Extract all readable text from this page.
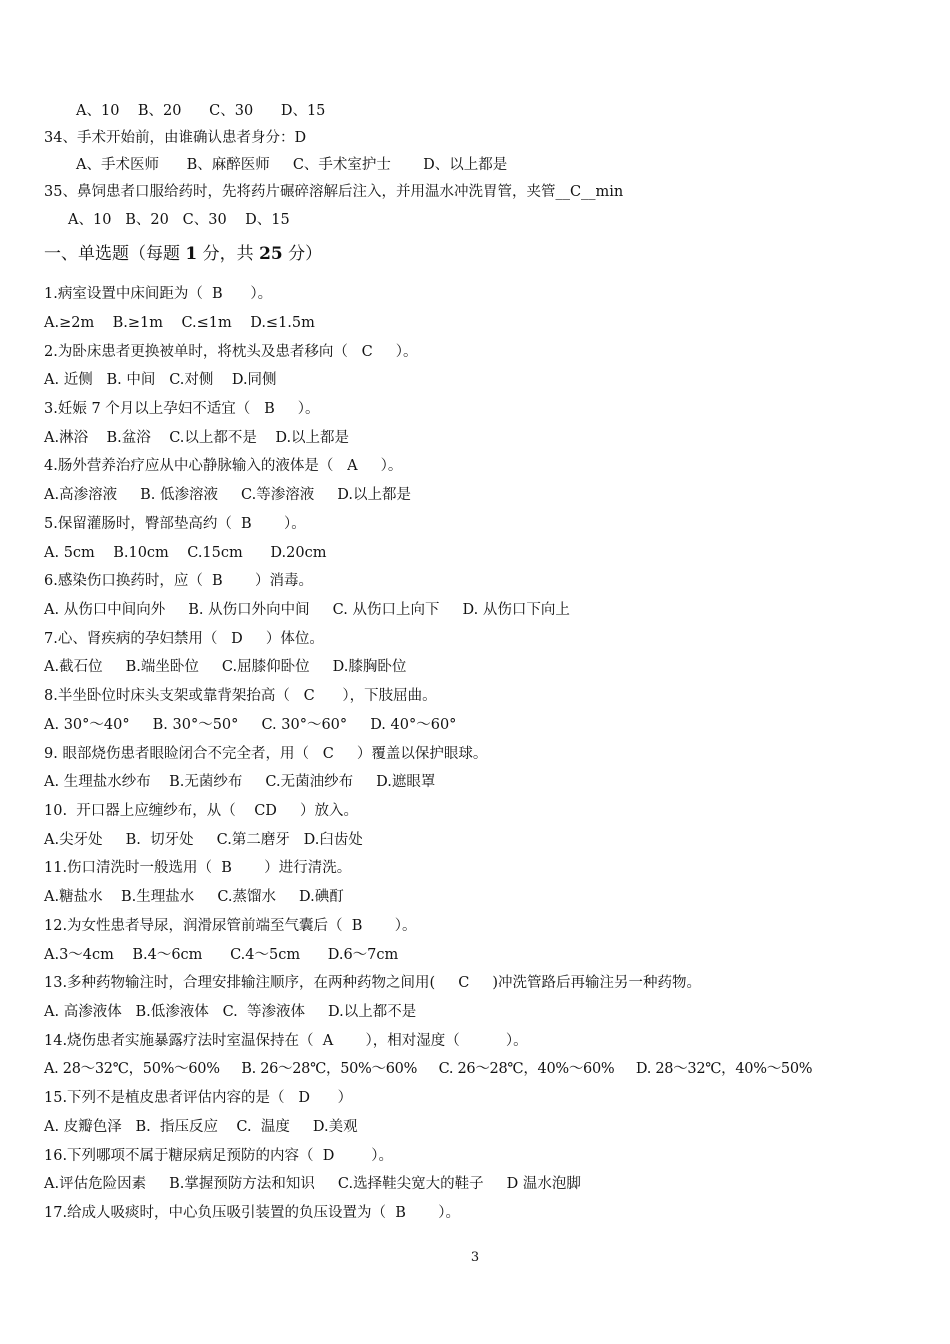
A、10    B、20      C、30      D、15
34、手术开始前，由谁确认患者身分：D
A、手术医师      B、麻醉医师     C、手术室护士       D、以上都是
35、鼻饲患者口服给药时，先将药片碾碎溶解后注入，并用温水冲洗胃管，夹管__C__min
A、10   B、20   C、30    D、15
一、单选题（每题 1 分，共 25 分）
1.病室设置中床间距为（  B      ）。
A.≥2m    B.≥1m    C.≤1m    D.≤1.5m
2.为卧床患者更换被单时，将枕头及患者移向（   C     ）。
A. 近侧   B. 中间   C.对侧    D.同侧
3.妊娠 7 个月以上孕妇不适宜（   B     ）。
A.淋浴    B.盆浴    C.以上都不是    D.以上都是
4.肠外营养治疗应从中心静脉输入的液体是（   A     ）。
A.高渗溶液     B. 低渗溶液     C.等渗溶液     D.以上都是
5.保留灌肠时，臀部垫高约（  B       ）。
A. 5cm    B.10cm    C.15cm      D.20cm
6.感染伤口换药时，应（  B       ）消毒。
A. 从伤口中间向外     B. 从伤口外向中间     C. 从伤口上向下     D. 从伤口下向上
7.心、肾疾病的孕妇禁用（   D     ）体位。
A.截石位     B.端坐卧位     C.屈膝仰卧位     D.膝胸卧位
8.半坐卧位时床头支架或靠背架抬高（   C      ），下肢屈曲。
A. 30°～40°     B. 30°～50°     C. 30°～60°     D. 40°～60°
9. 眼部烧伤患者眼睑闭合不完全者，用（   C     ）覆盖以保护眼球。
A. 生理盐水纱布    B.无菌纱布     C.无菌油纱布     D.遮眼罩
10.  开口器上应缠纱布，从（    CD     ）放入。
A.尖牙处     B.  切牙处     C.第二磨牙   D.臼齿处
11.伤口清洗时一般选用（  B       ）进行清洗。
A.糖盐水    B.生理盐水     C.蒸馏水     D.碘酊
12.为女性患者导尿，润滑尿管前端至气囊后（  B       ）。
A.3～4cm    B.4～6cm      C.4～5cm      D.6～7cm
13.多种药物输注时，合理安排输注顺序，在两种药物之间用(     C     )冲洗管路后再输注另一种药物。
A. 高渗液体   B.低渗液体   C.  等渗液体     D.以上都不是
14.烧伤患者实施暴露疗法时室温保持在（  A       ），相对湿度（          ）。
A. 28～32℃，50%～60%     B. 26～28℃，50%～60%     C. 26～28℃，40%～60%     D. 28～32℃，40%～50%
15.下列不是植皮患者评估内容的是（   D      ）
A. 皮瓣色泽   B.  指压反应    C.  温度     D.美观
16.下列哪项不属于糖尿病足预防的内容（  D        ）。
A.评估危险因素     B.掌握预防方法和知识     C.选择鞋尖宽大的鞋子     D 温水泡脚
17.给成人吸痰时，中心负压吸引装置的负压设置为（  B       ）。
3
